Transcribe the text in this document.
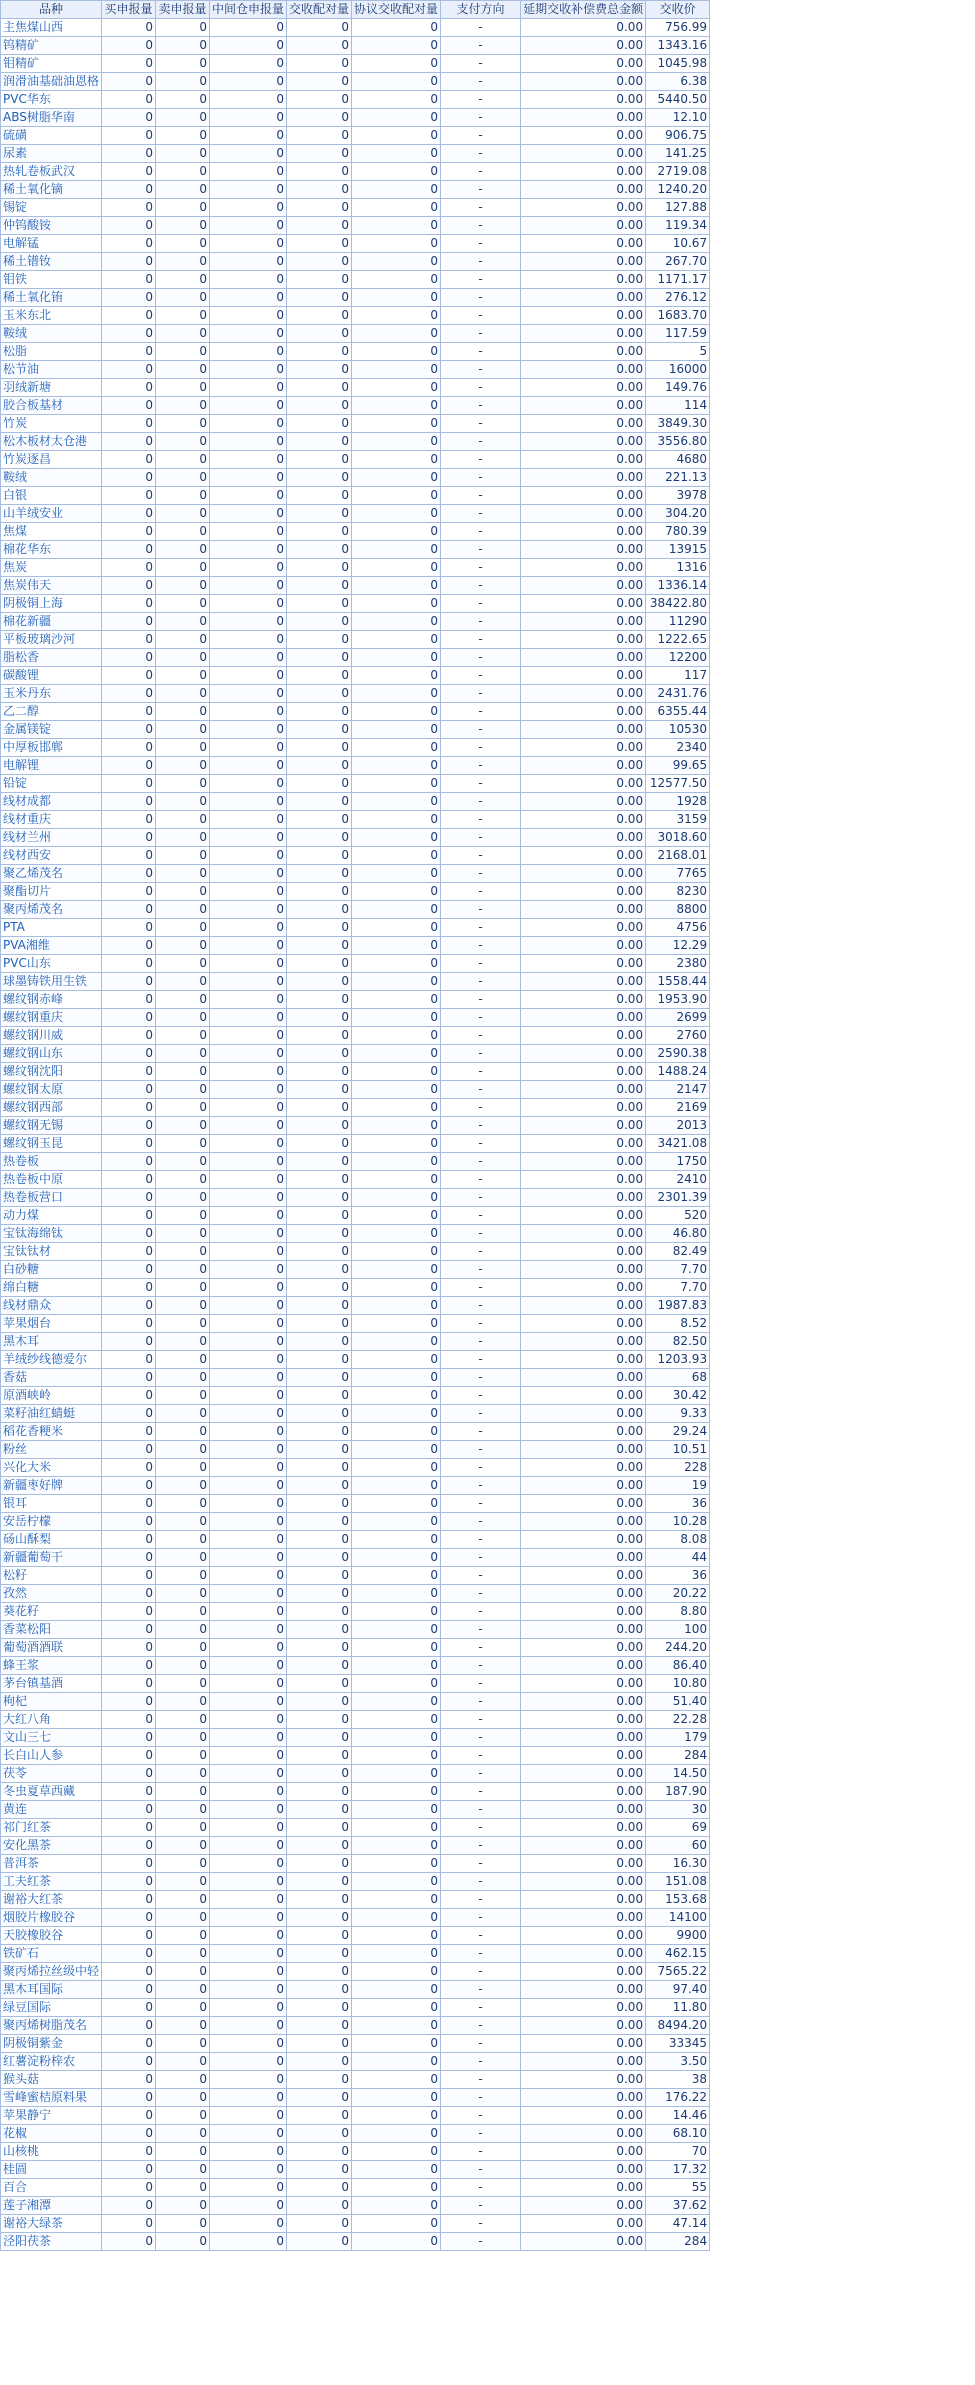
品种	买申报量	卖申报量	中间仓申报量	交收配对量	协议交收配对量	支付方向	延期交收补偿费总金额	交收价
主焦煤山西	0	0	0	0	0	-	0.00	756.99
钨精矿	0	0	0	0	0	-	0.00	1343.16
钼精矿	0	0	0	0	0	-	0.00	1045.98
润滑油基础油恩格	0	0	0	0	0	-	0.00	6.38
PVC华东	0	0	0	0	0	-	0.00	5440.50
ABS树脂华南	0	0	0	0	0	-	0.00	12.10
硫磺	0	0	0	0	0	-	0.00	906.75
尿素	0	0	0	0	0	-	0.00	141.25
热轧卷板武汉	0	0	0	0	0	-	0.00	2719.08
稀土氧化镝	0	0	0	0	0	-	0.00	1240.20
锡锭	0	0	0	0	0	-	0.00	127.88
仲钨酸铵	0	0	0	0	0	-	0.00	119.34
电解锰	0	0	0	0	0	-	0.00	10.67
稀土镨钕	0	0	0	0	0	-	0.00	267.70
钼铁	0	0	0	0	0	-	0.00	1171.17
稀土氧化铕	0	0	0	0	0	-	0.00	276.12
玉米东北	0	0	0	0	0	-	0.00	1683.70
鞍绒	0	0	0	0	0	-	0.00	117.59
松脂	0	0	0	0	0	-	0.00	5
松节油	0	0	0	0	0	-	0.00	16000
羽绒新塘	0	0	0	0	0	-	0.00	149.76
胶合板基材	0	0	0	0	0	-	0.00	114
竹炭	0	0	0	0	0	-	0.00	3849.30
松木板材太仓港	0	0	0	0	0	-	0.00	3556.80
竹炭逐昌	0	0	0	0	0	-	0.00	4680
鞍绒	0	0	0	0	0	-	0.00	221.13
白银	0	0	0	0	0	-	0.00	3978
山羊绒安业	0	0	0	0	0	-	0.00	304.20
焦煤	0	0	0	0	0	-	0.00	780.39
棉花华东	0	0	0	0	0	-	0.00	13915
焦炭	0	0	0	0	0	-	0.00	1316
焦炭伟天	0	0	0	0	0	-	0.00	1336.14
阴极铜上海	0	0	0	0	0	-	0.00	38422.80
棉花新疆	0	0	0	0	0	-	0.00	11290
平板玻璃沙河	0	0	0	0	0	-	0.00	1222.65
脂松香	0	0	0	0	0	-	0.00	12200
碳酸锂	0	0	0	0	0	-	0.00	117
玉米丹东	0	0	0	0	0	-	0.00	2431.76
乙二醇	0	0	0	0	0	-	0.00	6355.44
金属镁锭	0	0	0	0	0	-	0.00	10530
中厚板邯郸	0	0	0	0	0	-	0.00	2340
电解锂	0	0	0	0	0	-	0.00	99.65
铅锭	0	0	0	0	0	-	0.00	12577.50
线材成都	0	0	0	0	0	-	0.00	1928
线材重庆	0	0	0	0	0	-	0.00	3159
线材兰州	0	0	0	0	0	-	0.00	3018.60
线材西安	0	0	0	0	0	-	0.00	2168.01
聚乙烯茂名	0	0	0	0	0	-	0.00	7765
聚酯切片	0	0	0	0	0	-	0.00	8230
聚丙烯茂名	0	0	0	0	0	-	0.00	8800
PTA	0	0	0	0	0	-	0.00	4756
PVA湘维	0	0	0	0	0	-	0.00	12.29
PVC山东	0	0	0	0	0	-	0.00	2380
球墨铸铁用生铁	0	0	0	0	0	-	0.00	1558.44
螺纹钢赤峰	0	0	0	0	0	-	0.00	1953.90
螺纹钢重庆	0	0	0	0	0	-	0.00	2699
螺纹钢川威	0	0	0	0	0	-	0.00	2760
螺纹钢山东	0	0	0	0	0	-	0.00	2590.38
螺纹钢沈阳	0	0	0	0	0	-	0.00	1488.24
螺纹钢太原	0	0	0	0	0	-	0.00	2147
螺纹钢西部	0	0	0	0	0	-	0.00	2169
螺纹钢无锡	0	0	0	0	0	-	0.00	2013
螺纹钢玉昆	0	0	0	0	0	-	0.00	3421.08
热卷板	0	0	0	0	0	-	0.00	1750
热卷板中原	0	0	0	0	0	-	0.00	2410
热卷板营口	0	0	0	0	0	-	0.00	2301.39
动力煤	0	0	0	0	0	-	0.00	520
宝钛海绵钛	0	0	0	0	0	-	0.00	46.80
宝钛钛材	0	0	0	0	0	-	0.00	82.49
白砂糖	0	0	0	0	0	-	0.00	7.70
绵白糖	0	0	0	0	0	-	0.00	7.70
线材鼎众	0	0	0	0	0	-	0.00	1987.83
苹果烟台	0	0	0	0	0	-	0.00	8.52
黑木耳	0	0	0	0	0	-	0.00	82.50
羊绒纱线德爱尔	0	0	0	0	0	-	0.00	1203.93
香菇	0	0	0	0	0	-	0.00	68
原酒峡岭	0	0	0	0	0	-	0.00	30.42
菜籽油红蜻蜓	0	0	0	0	0	-	0.00	9.33
稻花香粳米	0	0	0	0	0	-	0.00	29.24
粉丝	0	0	0	0	0	-	0.00	10.51
兴化大米	0	0	0	0	0	-	0.00	228
新疆枣好牌	0	0	0	0	0	-	0.00	19
银耳	0	0	0	0	0	-	0.00	36
安岳柠檬	0	0	0	0	0	-	0.00	10.28
砀山酥梨	0	0	0	0	0	-	0.00	8.08
新疆葡萄干	0	0	0	0	0	-	0.00	44
松籽	0	0	0	0	0	-	0.00	36
孜然	0	0	0	0	0	-	0.00	20.22
葵花籽	0	0	0	0	0	-	0.00	8.80
香菜松阳	0	0	0	0	0	-	0.00	100
葡萄酒酒联	0	0	0	0	0	-	0.00	244.20
蜂王浆	0	0	0	0	0	-	0.00	86.40
茅台镇基酒	0	0	0	0	0	-	0.00	10.80
枸杞	0	0	0	0	0	-	0.00	51.40
大红八角	0	0	0	0	0	-	0.00	22.28
文山三七	0	0	0	0	0	-	0.00	179
长白山人参	0	0	0	0	0	-	0.00	284
茯苓	0	0	0	0	0	-	0.00	14.50
冬虫夏草西藏	0	0	0	0	0	-	0.00	187.90
黄连	0	0	0	0	0	-	0.00	30
祁门红茶	0	0	0	0	0	-	0.00	69
安化黑茶	0	0	0	0	0	-	0.00	60
普洱茶	0	0	0	0	0	-	0.00	16.30
工夫红茶	0	0	0	0	0	-	0.00	151.08
谢裕大红茶	0	0	0	0	0	-	0.00	153.68
烟胶片橡胶谷	0	0	0	0	0	-	0.00	14100
天胶橡胶谷	0	0	0	0	0	-	0.00	9900
铁矿石	0	0	0	0	0	-	0.00	462.15
聚丙烯拉丝级中轻	0	0	0	0	0	-	0.00	7565.22
黑木耳国际	0	0	0	0	0	-	0.00	97.40
绿豆国际	0	0	0	0	0	-	0.00	11.80
聚丙烯树脂茂名	0	0	0	0	0	-	0.00	8494.20
阴极铜紫金	0	0	0	0	0	-	0.00	33345
红薯淀粉梓农	0	0	0	0	0	-	0.00	3.50
猴头菇	0	0	0	0	0	-	0.00	38
雪峰蜜桔原料果	0	0	0	0	0	-	0.00	176.22
苹果静宁	0	0	0	0	0	-	0.00	14.46
花椒	0	0	0	0	0	-	0.00	68.10
山核桃	0	0	0	0	0	-	0.00	70
桂圆	0	0	0	0	0	-	0.00	17.32
百合	0	0	0	0	0	-	0.00	55
莲子湘潭	0	0	0	0	0	-	0.00	37.62
谢裕大绿茶	0	0	0	0	0	-	0.00	47.14
泾阳茯茶	0	0	0	0	0	-	0.00	284
